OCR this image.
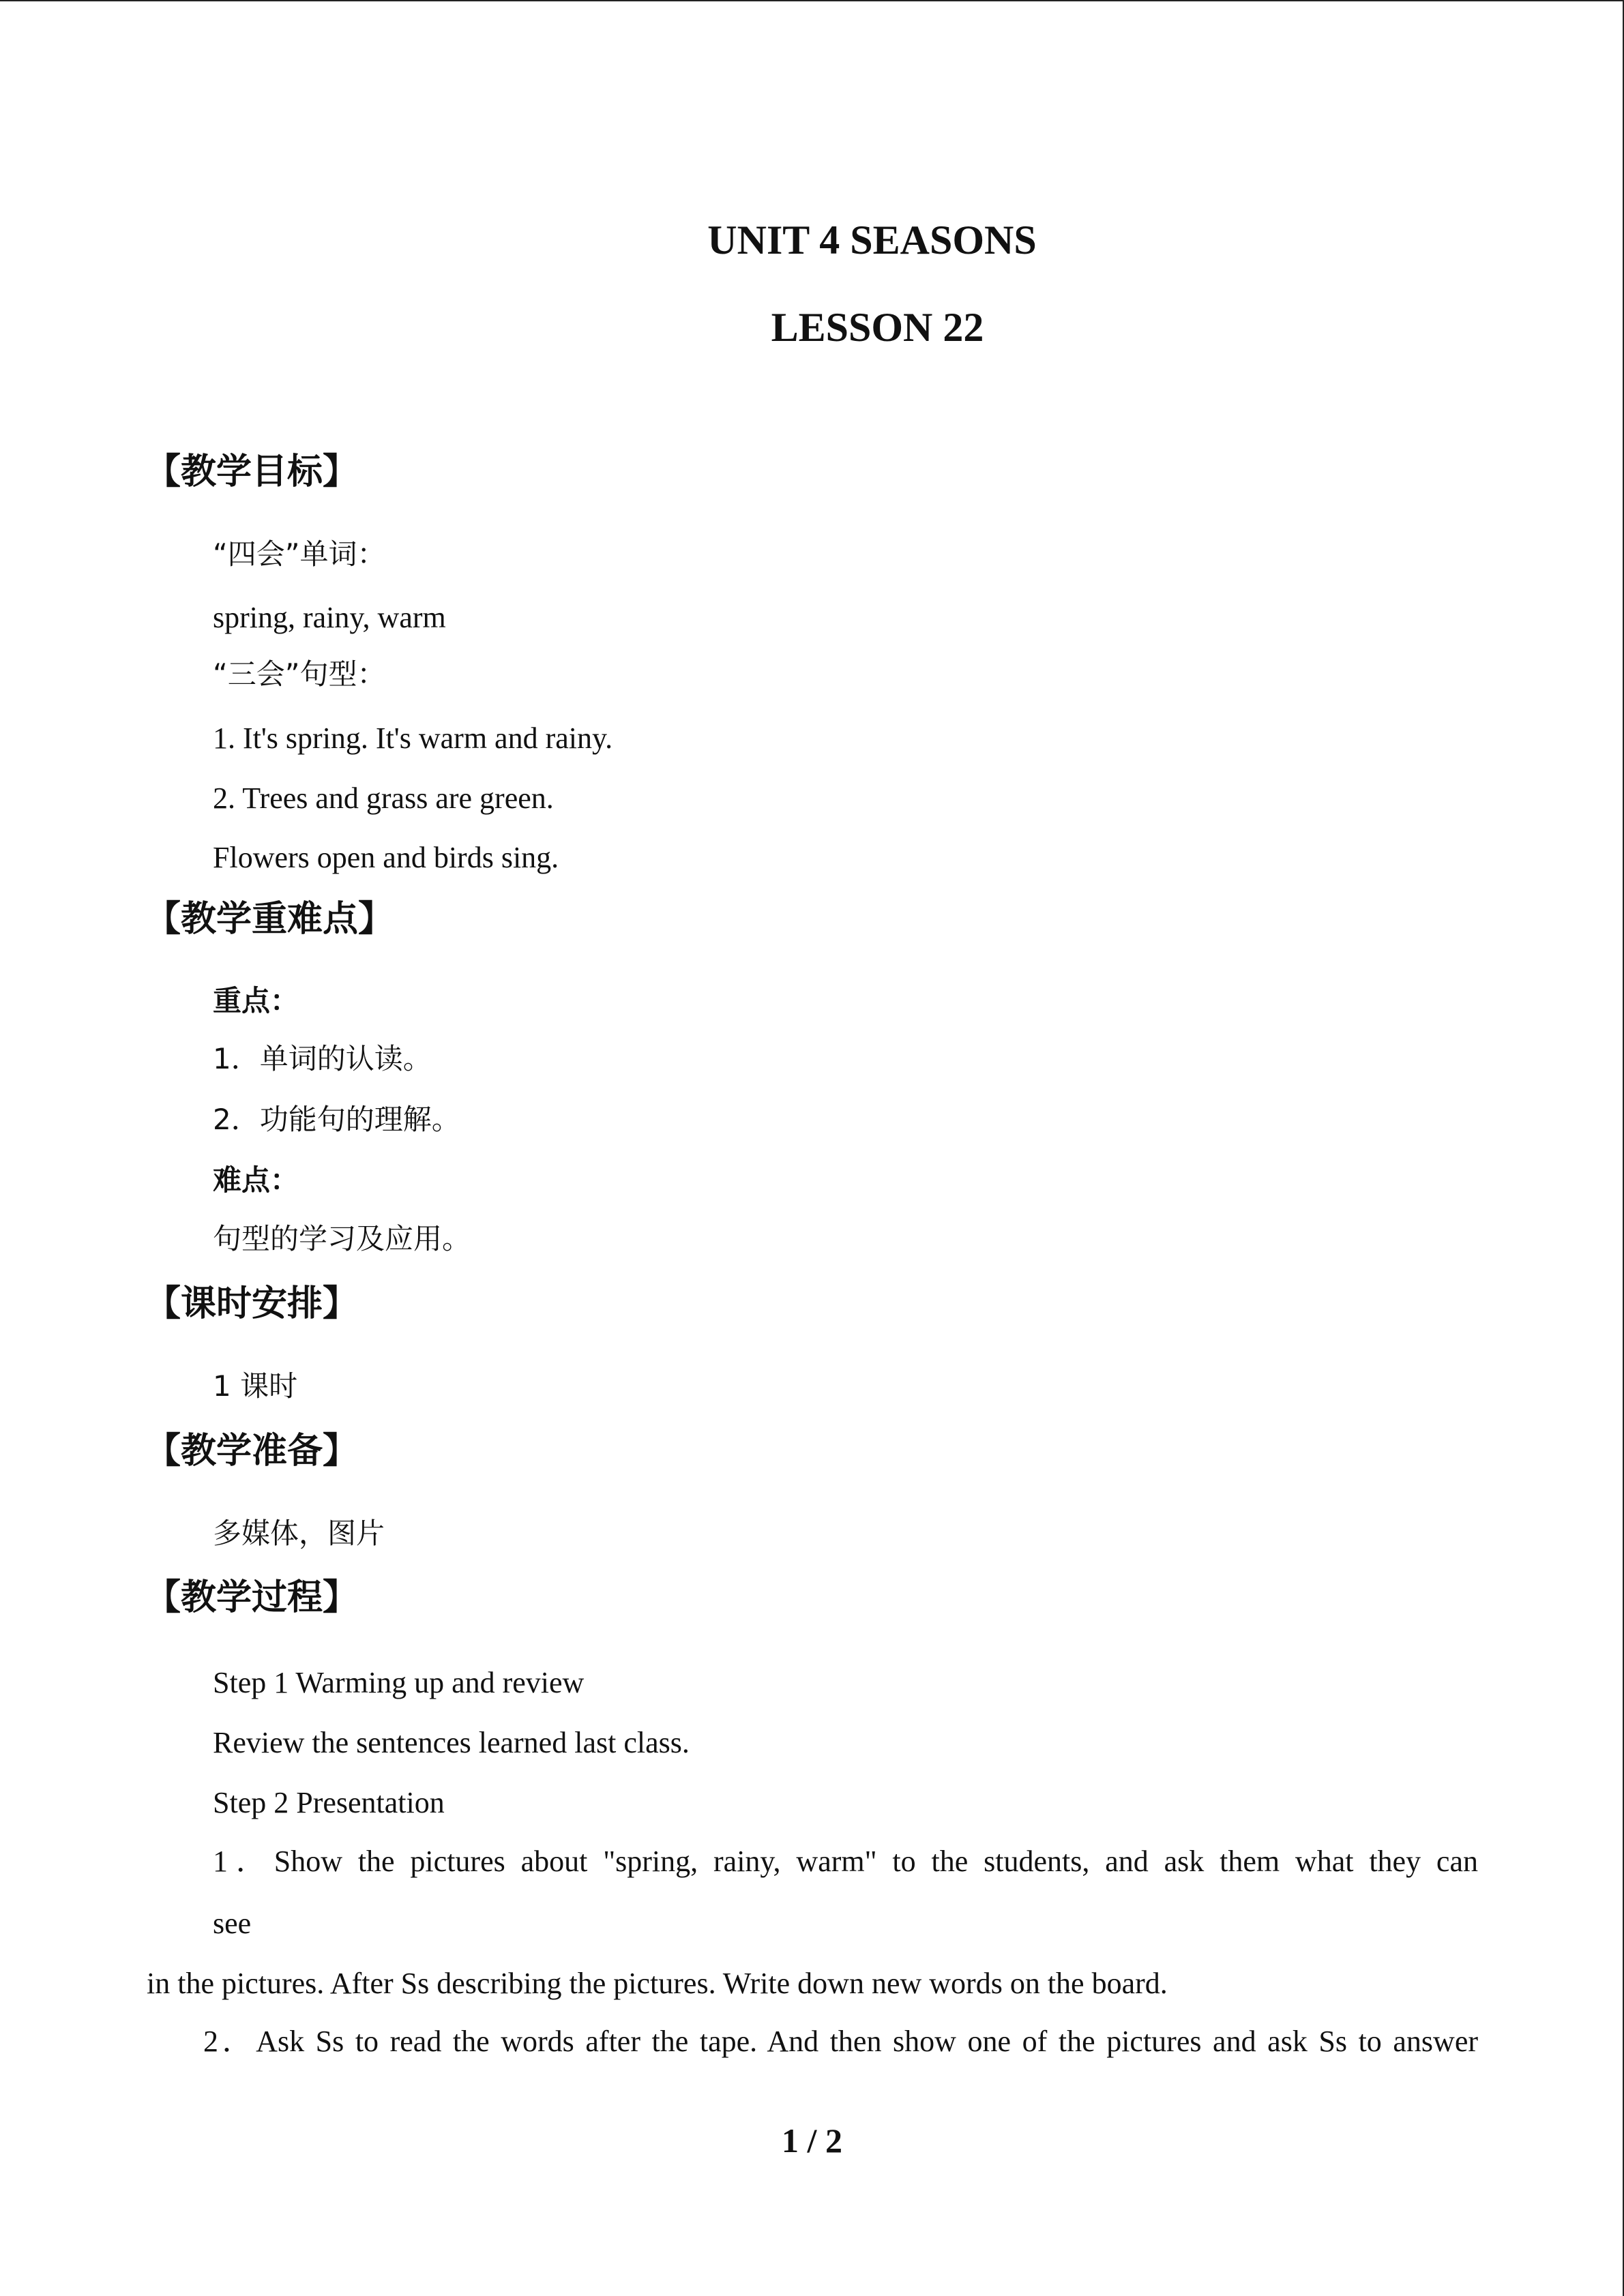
UNIT 4 SEASONS
LESSON 22
【教学目标】
“四会”单词：
spring, rainy, warm
“三会”句型：
1. It's spring. It's warm and rainy.
2. Trees and grass are green.
Flowers open and birds sing.
【教学重难点】
重点：
1．单词的认读。
2．功能句的理解。
难点：
句型的学习及应用。
【课时安排】
1 课时
【教学准备】
多媒体，图片
【教学过程】
Step 1 Warming up and review
Review the sentences learned last class.
Step 2 Presentation
1．Show the pictures about "spring, rainy, warm" to the students, and ask them what they can
see
in the pictures. After Ss describing the pictures. Write down new words on the board.
2．Ask Ss to read the words after the tape. And then show one of the pictures and ask Ss to answer
1 / 2
